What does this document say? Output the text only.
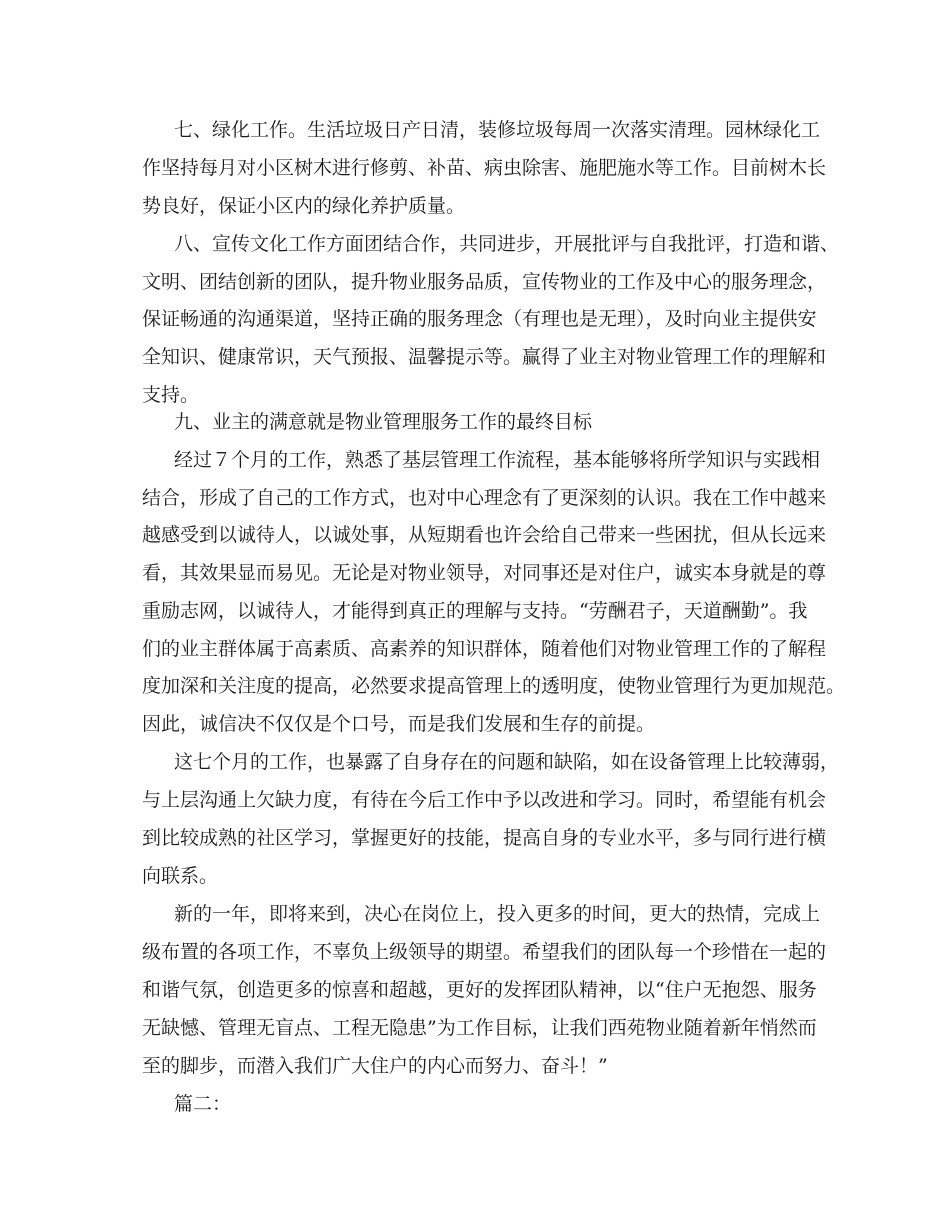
七、绿化工作。生活垃圾日产日清，装修垃圾每周一次落实清理。园林绿化工
作坚持每月对小区树木进行修剪、补苗、病虫除害、施肥施水等工作。目前树木长
势良好，保证小区内的绿化养护质量。
八、宣传文化工作方面团结合作，共同进步，开展批评与自我批评，打造和谐、
文明、团结创新的团队，提升物业服务品质，宣传物业的工作及中心的服务理念，
保证畅通的沟通渠道，坚持正确的服务理念（有理也是无理），及时向业主提供安
全知识、健康常识，天气预报、温馨提示等。赢得了业主对物业管理工作的理解和
支持。
九、业主的满意就是物业管理服务工作的最终目标
经过７个月的工作，熟悉了基层管理工作流程，基本能够将所学知识与实践相
结合，形成了自己的工作方式，也对中心理念有了更深刻的认识。我在工作中越来
越感受到以诚待人，以诚处事，从短期看也许会给自己带来一些困扰，但从长远来
看，其效果显而易见。无论是对物业领导，对同事还是对住户，诚实本身就是的尊
重励志网，以诚待人，才能得到真正的理解与支持。“劳酬君子，天道酬勤”。我
们的业主群体属于高素质、高素养的知识群体，随着他们对物业管理工作的了解程
度加深和关注度的提高，必然要求提高管理上的透明度，使物业管理行为更加规范。
因此，诚信决不仅仅是个口号，而是我们发展和生存的前提。
这七个月的工作，也暴露了自身存在的问题和缺陷，如在设备管理上比较薄弱，
与上层沟通上欠缺力度，有待在今后工作中予以改进和学习。同时，希望能有机会
到比较成熟的社区学习，掌握更好的技能，提高自身的专业水平，多与同行进行横
向联系。
新的一年，即将来到，决心在岗位上，投入更多的时间，更大的热情，完成上
级布置的各项工作，不辜负上级领导的期望。希望我们的团队每一个珍惜在一起的
和谐气氛，创造更多的惊喜和超越，更好的发挥团队精神，以“住户无抱怨、服务
无缺憾、管理无盲点、工程无隐患”为工作目标，让我们西苑物业随着新年悄然而
至的脚步，而潜入我们广大住户的内心而努力、奋斗！”
篇二：
